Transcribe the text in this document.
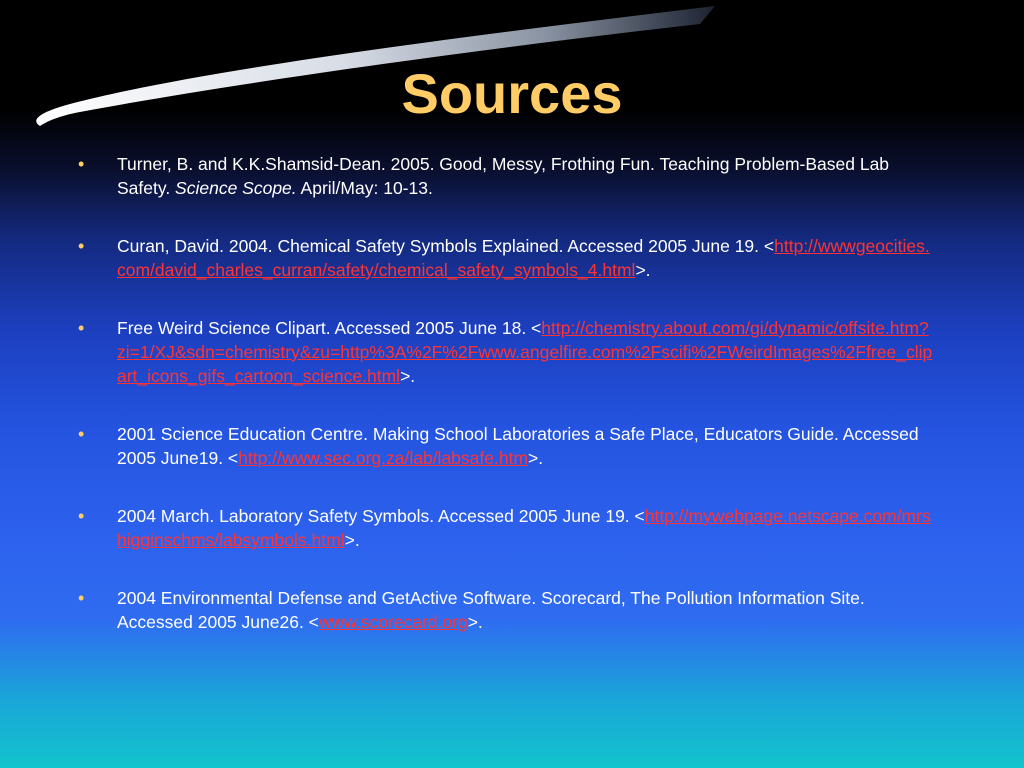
Sources
• Turner, B. and K.K.Shamsid-Dean. 2005. Good, Messy, Frothing Fun. Teaching Problem-Based Lab Safety. Science Scope. April/May: 10-13.
• Curan, David. 2004. Chemical Safety Symbols Explained. Accessed 2005 June 19. <http://wwwgeocities.com/david_charles_curran/safety/chemical_safety_symbols_4.html>.
• Free Weird Science Clipart. Accessed 2005 June 18. <http://chemistry.about.com/gi/dynamic/offsite.htm?zi=1/XJ&sdn=chemistry&zu=http%3A%2F%2Fwww.angelfire.com%2Fscifi%2FWeirdImages%2Ffree_clipart_icons_gifs_cartoon_science.html>.
• 2001 Science Education Centre. Making School Laboratories a Safe Place, Educators Guide. Accessed 2005 June19. <http://www.sec.org.za/lab/labsafe.htm>.
• 2004 March. Laboratory Safety Symbols. Accessed 2005 June 19. <http://mywebpage.netscape.com/mrshigginschms/labsymbols.html>.
• 2004 Environmental Defense and GetActive Software. Scorecard, The Pollution Information Site. Accessed 2005 June26. <www.scorecard.org>.
